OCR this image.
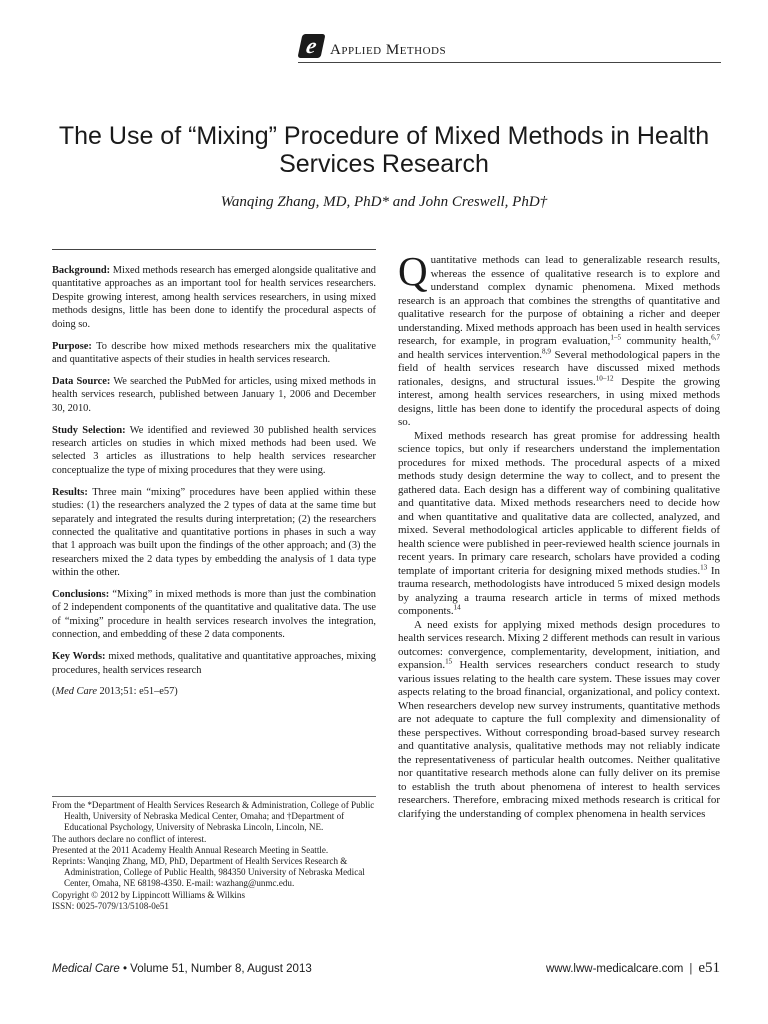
e Applied Methods
The Use of “Mixing” Procedure of Mixed Methods in Health Services Research
Wanqing Zhang, MD, PhD* and John Creswell, PhD†

Background: Mixed methods research has emerged alongside qualitative and quantitative approaches as an important tool for health services researchers. Despite growing interest, among health services researchers, in using mixed methods designs, little has been done to identify the procedural aspects of doing so.

Purpose: To describe how mixed methods researchers mix the qualitative and quantitative aspects of their studies in health services research.

Data Source: We searched the PubMed for articles, using mixed methods in health services research, published between January 1, 2006 and December 30, 2010.

Study Selection: We identified and reviewed 30 published health services research articles on studies in which mixed methods had been used. We selected 3 articles as illustrations to help health services researcher conceptualize the type of mixing procedures that they were using.

Results: Three main “mixing” procedures have been applied within these studies: (1) the researchers analyzed the 2 types of data at the same time but separately and integrated the results during interpretation; (2) the researchers connected the qualitative and quantitative portions in phases in such a way that 1 approach was built upon the findings of the other approach; and (3) the researchers mixed the 2 data types by embedding the analysis of 1 data type within the other.

Conclusions: “Mixing” in mixed methods is more than just the combination of 2 independent components of the quantitative and qualitative data. The use of “mixing” procedure in health services research involves the integration, connection, and embedding of these 2 data components.

Key Words: mixed methods, qualitative and quantitative approaches, mixing procedures, health services research

(Med Care 2013;51: e51–e57)

From the *Department of Health Services Research & Administration, College of Public Health, University of Nebraska Medical Center, Omaha; and †Department of Educational Psychology, University of Nebraska Lincoln, Lincoln, NE.

The authors declare no conflict of interest.

Presented at the 2011 Academy Health Annual Research Meeting in Seattle.

Reprints: Wanqing Zhang, MD, PhD, Department of Health Services Research & Administration, College of Public Health, 984350 University of Nebraska Medical Center, Omaha, NE 68198-4350. E-mail: wazhang@unmc.edu.

Copyright © 2012 by Lippincott Williams & Wilkins

ISSN: 0025-7079/13/5108-0e51

Quantitative methods can lead to generalizable research results, whereas the essence of qualitative research is to explore and understand complex dynamic phenomena. Mixed methods research is an approach that combines the strengths of quantitative and qualitative research for the purpose of obtaining a richer and deeper understanding. Mixed methods approach has been used in health services research, for example, in program evaluation,$^{1-5}$ community health,$^{6,7}$ and health services intervention.$^{8,9}$ Several methodological papers in the field of health services research have discussed mixed methods rationales, designs, and structural issues.$^{10-12}$ Despite the growing interest, among health services researchers, in using mixed methods designs, little has been done to identify the procedural aspects of doing so.

Mixed methods research has great promise for addressing health science topics, but only if researchers understand the implementation procedures for mixed methods. The procedural aspects of a mixed methods study design determine the way to collect, and to present the gathered data. Each design has a different way of combining qualitative and quantitative data. Mixed methods researchers need to decide how and when quantitative and qualitative data are collected, analyzed, and mixed. Several methodological articles applicable to different fields of health science were published in peer-reviewed health science journals in recent years. In primary care research, scholars have provided a coding template of important criteria for designing mixed methods studies.$^{13}$ In trauma research, methodologists have introduced 5 mixed design models by analyzing a trauma research article in terms of mixed methods components.$^{14}$

A need exists for applying mixed methods design procedures to health services research. Mixing 2 different methods can result in various outcomes: convergence, complementarity, development, initiation, and expansion.$^{15}$ Health services researchers conduct research to study various issues relating to the health care system. These issues may cover aspects relating to the broad financial, organizational, and policy context. When researchers develop new survey instruments, quantitative methods are not adequate to capture the full complexity and dimensionality of these perspectives. Without corresponding broad-based survey research and quantitative analysis, qualitative methods may not reliably indicate the representativeness of particular health outcomes. Neither qualitative nor quantitative research methods alone can fully deliver on its premise to establish the truth about phenomena of interest to health services researchers. Therefore, embracing mixed methods research is critical for clarifying the understanding of complex phenomena in health services

Medical Care • Volume 51, Number 8, August 2013	www.lww-medicalcare.com | e51
